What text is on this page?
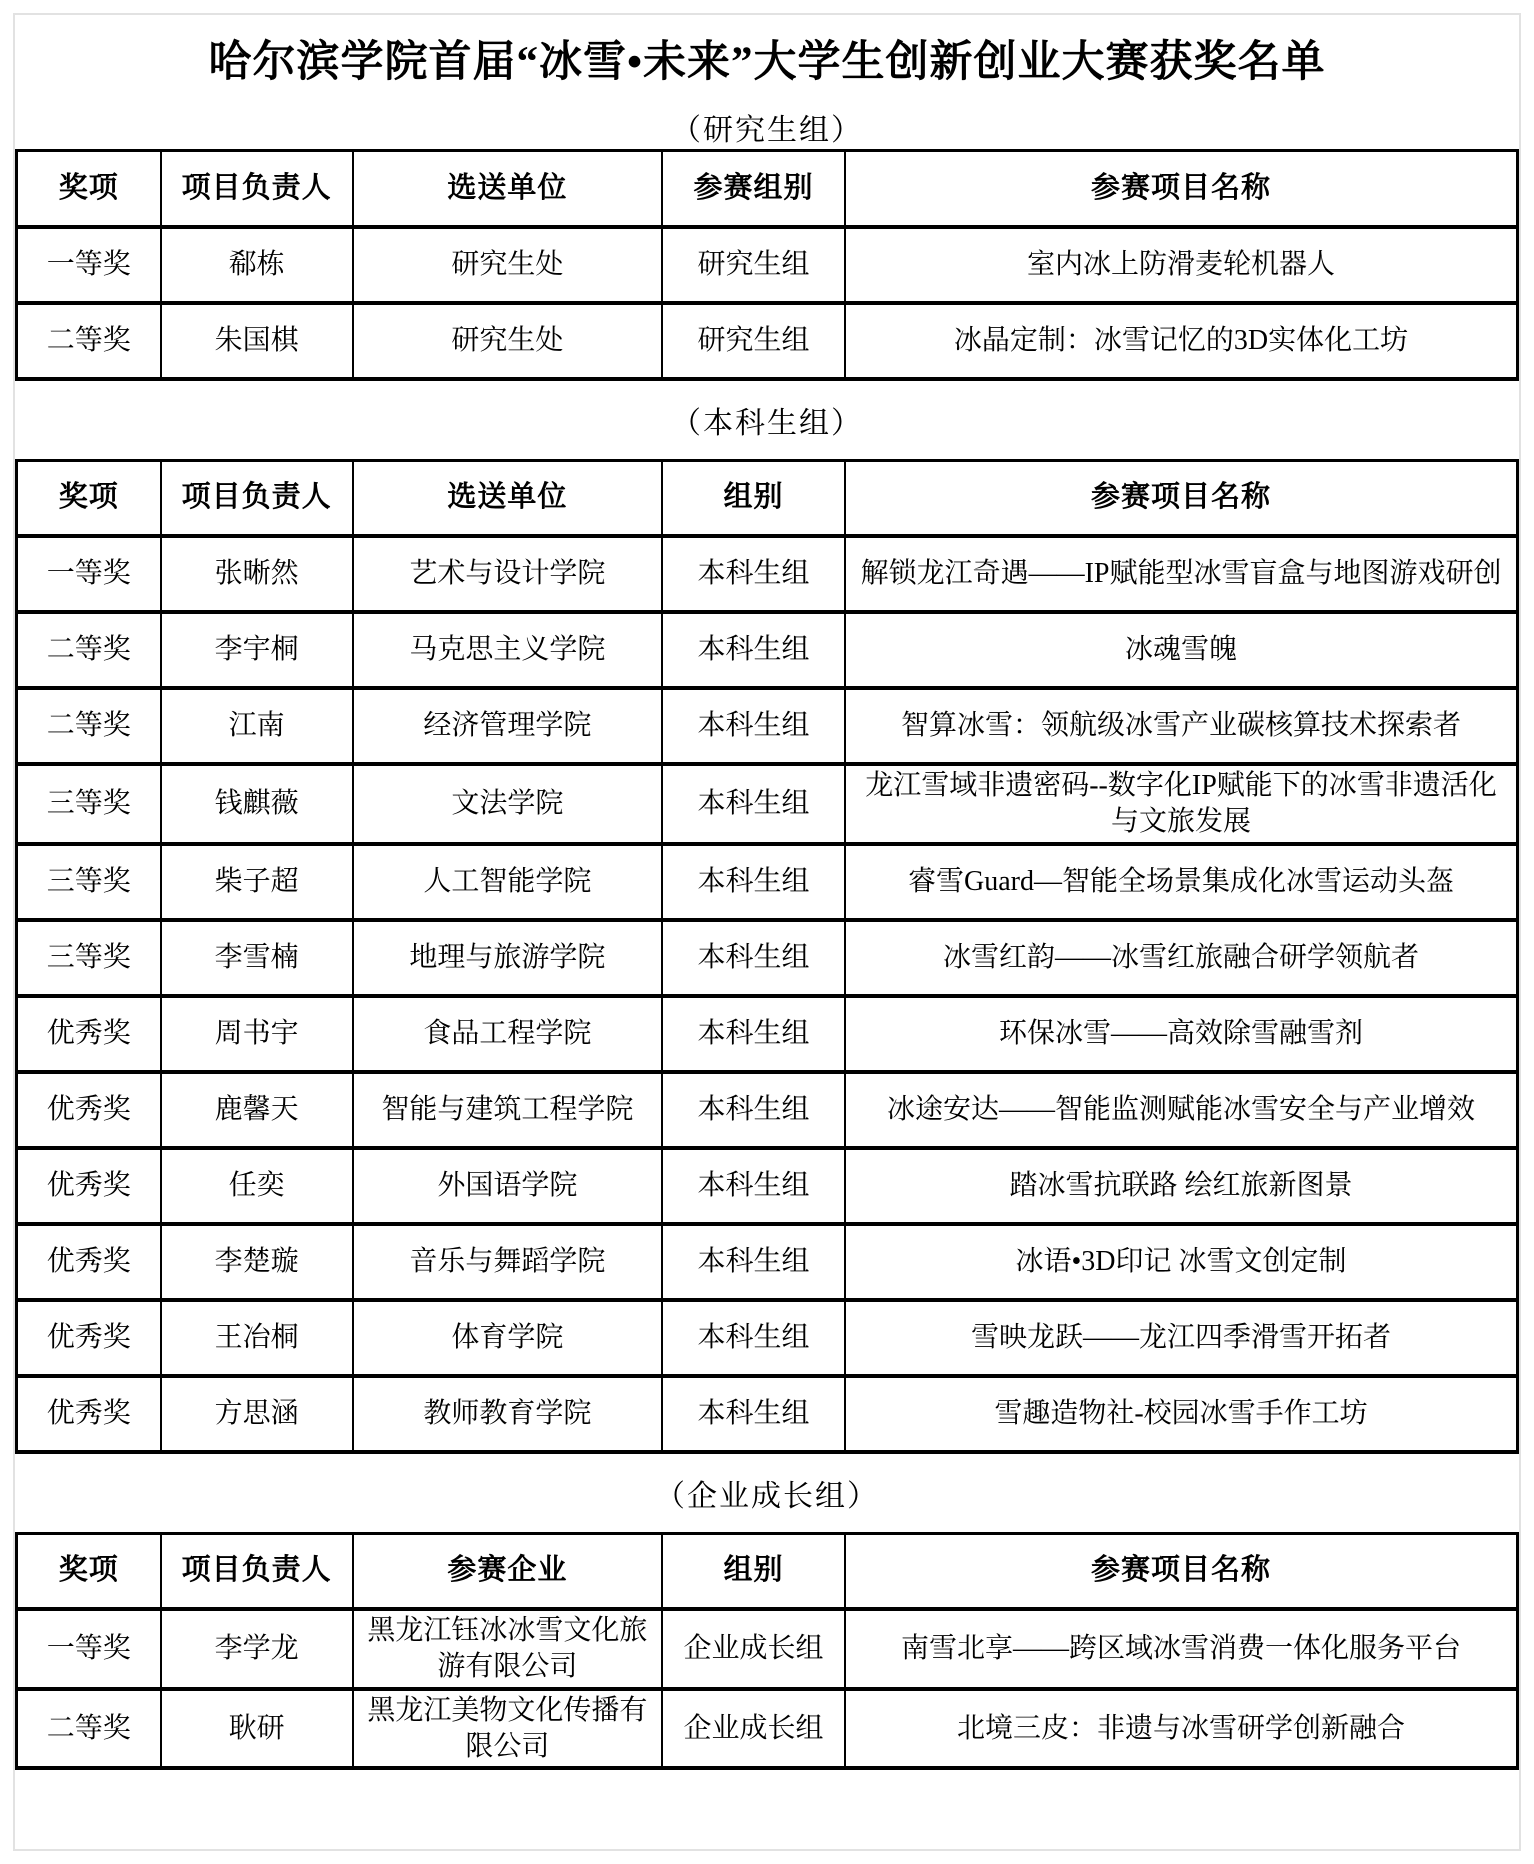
哈尔滨学院首届“冰雪•未来”大学生创新创业大赛获奖名单
（研究生组）
奖项	项目负责人	选送单位	参赛组别	参赛项目名称
一等奖	郗栋	研究生处	研究生组	室内冰上防滑麦轮机器人
二等奖	朱国棋	研究生处	研究生组	冰晶定制：冰雪记忆的3D实体化工坊
（本科生组）
奖项	项目负责人	选送单位	组别	参赛项目名称
一等奖	张晰然	艺术与设计学院	本科生组	解锁龙江奇遇——IP赋能型冰雪盲盒与地图游戏研创
二等奖	李宇桐	马克思主义学院	本科生组	冰魂雪魄
二等奖	江南	经济管理学院	本科生组	智算冰雪：领航级冰雪产业碳核算技术探索者
三等奖	钱麒薇	文法学院	本科生组	龙江雪域非遗密码--数字化IP赋能下的冰雪非遗活化与文旅发展
三等奖	柴子超	人工智能学院	本科生组	睿雪Guard—智能全场景集成化冰雪运动头盔
三等奖	李雪楠	地理与旅游学院	本科生组	冰雪红韵——冰雪红旅融合研学领航者
优秀奖	周书宇	食品工程学院	本科生组	环保冰雪——高效除雪融雪剂
优秀奖	鹿馨天	智能与建筑工程学院	本科生组	冰途安达——智能监测赋能冰雪安全与产业增效
优秀奖	任奕	外国语学院	本科生组	踏冰雪抗联路 绘红旅新图景
优秀奖	李楚璇	音乐与舞蹈学院	本科生组	冰语•3D印记 冰雪文创定制
优秀奖	王冶桐	体育学院	本科生组	雪映龙跃——龙江四季滑雪开拓者
优秀奖	方思涵	教师教育学院	本科生组	雪趣造物社-校园冰雪手作工坊
（企业成长组）
奖项	项目负责人	参赛企业	组别	参赛项目名称
一等奖	李学龙	黑龙江钰冰冰雪文化旅游有限公司	企业成长组	南雪北享——跨区域冰雪消费一体化服务平台
二等奖	耿研	黑龙江美物文化传播有限公司	企业成长组	北境三皮：非遗与冰雪研学创新融合
